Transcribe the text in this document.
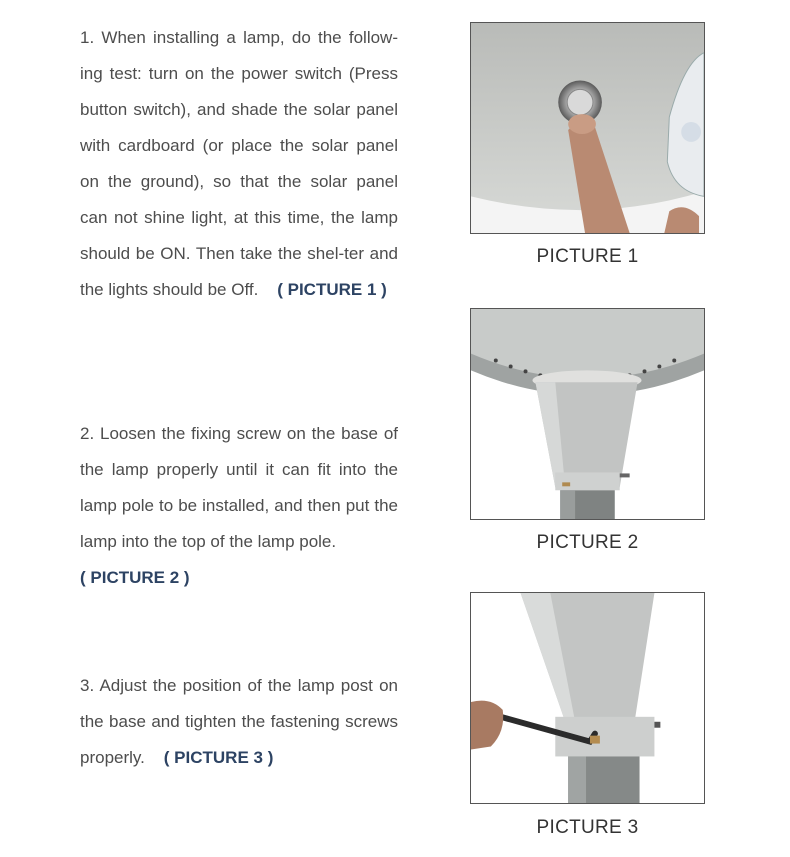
1. When installing a lamp, do the follow-ing test: turn on the power switch (Press button switch), and shade the solar panel with cardboard (or place the solar panel on the ground), so that the solar panel can not shine light, at this time, the lamp should be ON. Then take the shel-ter and the lights should be Off. ( PICTURE 1 )
2. Loosen the fixing screw on the base of the lamp properly until it can fit into the lamp pole to be installed, and then put the lamp into the top of the lamp pole.
( PICTURE 2 )
3. Adjust the position of the lamp post on the base and tighten the fastening screws properly. ( PICTURE 3 )
PICTURE 1
PICTURE 2
PICTURE 3
